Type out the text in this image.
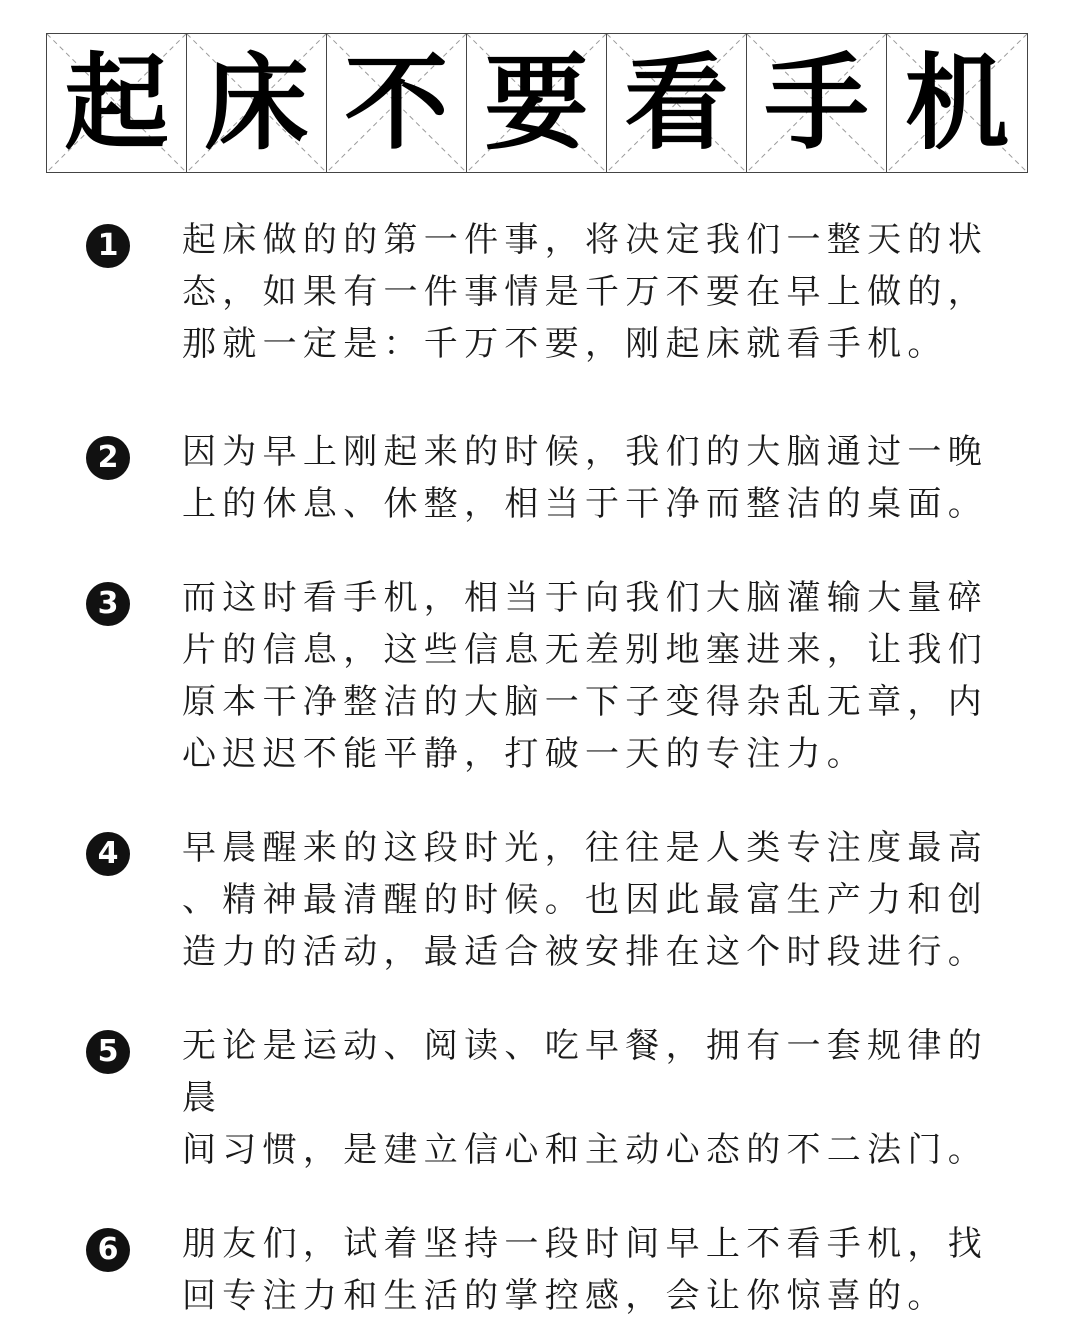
起 床 不 要 看 手 机
1	起床做的的第一件事，将决定我们一整天的状
态，如果有一件事情是千万不要在早上做的，
那就一定是：千万不要，刚起床就看手机。
2	因为早上刚起来的时候，我们的大脑通过一晚
上的休息、休整，相当于干净而整洁的桌面。
3	而这时看手机，相当于向我们大脑灌输大量碎
片的信息，这些信息无差别地塞进来，让我们
原本干净整洁的大脑一下子变得杂乱无章，内
心迟迟不能平静，打破一天的专注力。
4	早晨醒来的这段时光，往往是人类专注度最高
、精神最清醒的时候。也因此最富生产力和创
造力的活动，最适合被安排在这个时段进行。
5	无论是运动、阅读、吃早餐，拥有一套规律的晨
间习惯，是建立信心和主动心态的不二法门。
6	朋友们，试着坚持一段时间早上不看手机，找
回专注力和生活的掌控感，会让你惊喜的。
